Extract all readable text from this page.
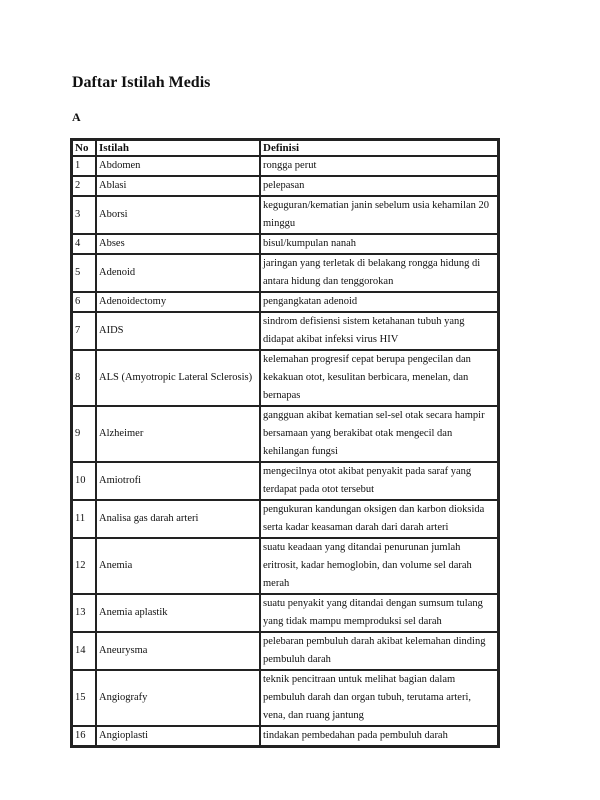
Daftar Istilah Medis
A
No	Istilah	Definisi
1	Abdomen	rongga perut
2	Ablasi	pelepasan
3	Aborsi	keguguran/kematian janin sebelum usia kehamilan 20 minggu
4	Abses	bisul/kumpulan nanah
5	Adenoid	jaringan yang terletak di belakang rongga hidung di antara hidung dan tenggorokan
6	Adenoidectomy	pengangkatan adenoid
7	AIDS	sindrom defisiensi sistem ketahanan tubuh yang didapat akibat infeksi virus HIV
8	ALS (Amyotropic Lateral Sclerosis)	kelemahan progresif cepat berupa pengecilan dan kekakuan otot, kesulitan berbicara, menelan, dan bernapas
9	Alzheimer	gangguan akibat kematian sel-sel otak secara hampir bersamaan yang berakibat otak mengecil dan kehilangan fungsi
10	Amiotrofi	mengecilnya otot akibat penyakit pada saraf yang terdapat pada otot tersebut
11	Analisa gas darah arteri	pengukuran kandungan oksigen dan karbon dioksida serta kadar keasaman darah dari darah arteri
12	Anemia	suatu keadaan yang ditandai penurunan jumlah eritrosit, kadar hemoglobin, dan volume sel darah merah
13	Anemia aplastik	suatu penyakit yang ditandai dengan sumsum tulang yang tidak mampu memproduksi sel darah
14	Aneurysma	pelebaran pembuluh darah akibat kelemahan dinding pembuluh darah
15	Angiografy	teknik pencitraan untuk melihat bagian dalam pembuluh darah dan organ tubuh, terutama arteri, vena, dan ruang jantung
16	Angioplasti	tindakan pembedahan pada pembuluh darah
